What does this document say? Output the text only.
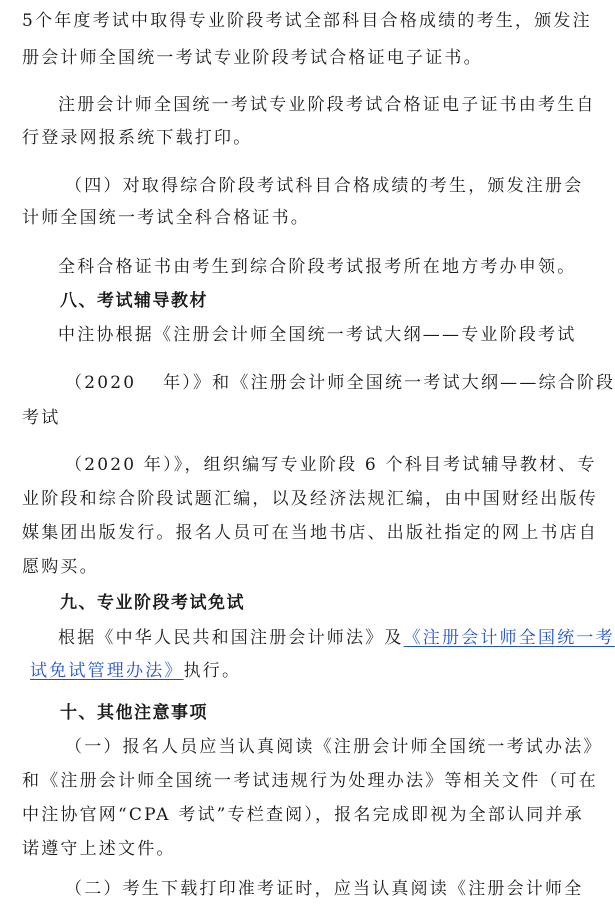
5个年度考试中取得专业阶段考试全部科目合格成绩的考生，颁发注
册会计师全国统一考试专业阶段考试合格证电子证书。
注册会计师全国统一考试专业阶段考试合格证电子证书由考生自
行登录网报系统下载打印。
（四）对取得综合阶段考试科目合格成绩的考生，颁发注册会
计师全国统一考试全科合格证书。
全科合格证书由考生到综合阶段考试报考所在地方考办申领。
八、考试辅导教材
中注协根据《注册会计师全国统一考试大纲——专业阶段考试
（2020　 年）》和《注册会计师全国统一考试大纲——综合阶段
考试
（2020 年）》，组织编写专业阶段 6 个科目考试辅导教材、专
业阶段和综合阶段试题汇编，以及经济法规汇编，由中国财经出版传
媒集团出版发行。报名人员可在当地书店、出版社指定的网上书店自
愿购买。
九、专业阶段考试免试
根据《中华人民共和国注册会计师法》及《注册会计师全国统一考
试免试管理办法》执行。
十、其他注意事项
（一）报名人员应当认真阅读《注册会计师全国统一考试办法》
和《注册会计师全国统一考试违规行为处理办法》等相关文件（可在
中注协官网“CPA 考试”专栏查阅），报名完成即视为全部认同并承
诺遵守上述文件。
（二）考生下载打印准考证时，应当认真阅读《注册会计师全
